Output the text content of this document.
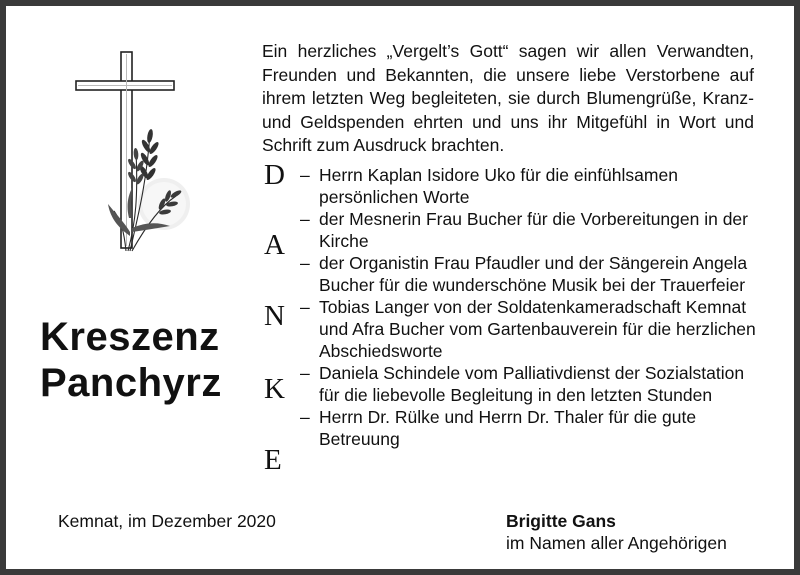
Kreszenz
Panchyrz

Ein herzliches „Vergelt’s Gott“ sagen wir allen Verwandten, Freunden und Bekannten, die unsere liebe Verstorbene auf ihrem letzten Weg begleiteten, sie durch Blumengrüße, Kranz- und Geldspenden ehrten und uns ihr Mitgefühl in Wort und Schrift zum Ausdruck brachten.

D
A
N
K
E
– Herrn Kaplan Isidore Uko für die einfühlsamen persönlichen Worte
– der Mesnerin Frau Bucher für die Vorbereitungen in der Kirche
– der Organistin Frau Pfaudler und der Sängerein Angela Bucher für die wunderschöne Musik bei der Trauerfeier
– Tobias Langer von der Soldatenkameradschaft Kemnat und Afra Bucher vom Gartenbauverein für die herzlichen Abschiedsworte
– Daniela Schindele vom Palliativdienst der Sozialstation für die liebevolle Begleitung in den letzten Stunden
– Herrn Dr. Rülke und Herrn Dr. Thaler für die gute Betreuung
Kemnat, im Dezember 2020	Brigitte Gans
im Namen aller Angehörigen
